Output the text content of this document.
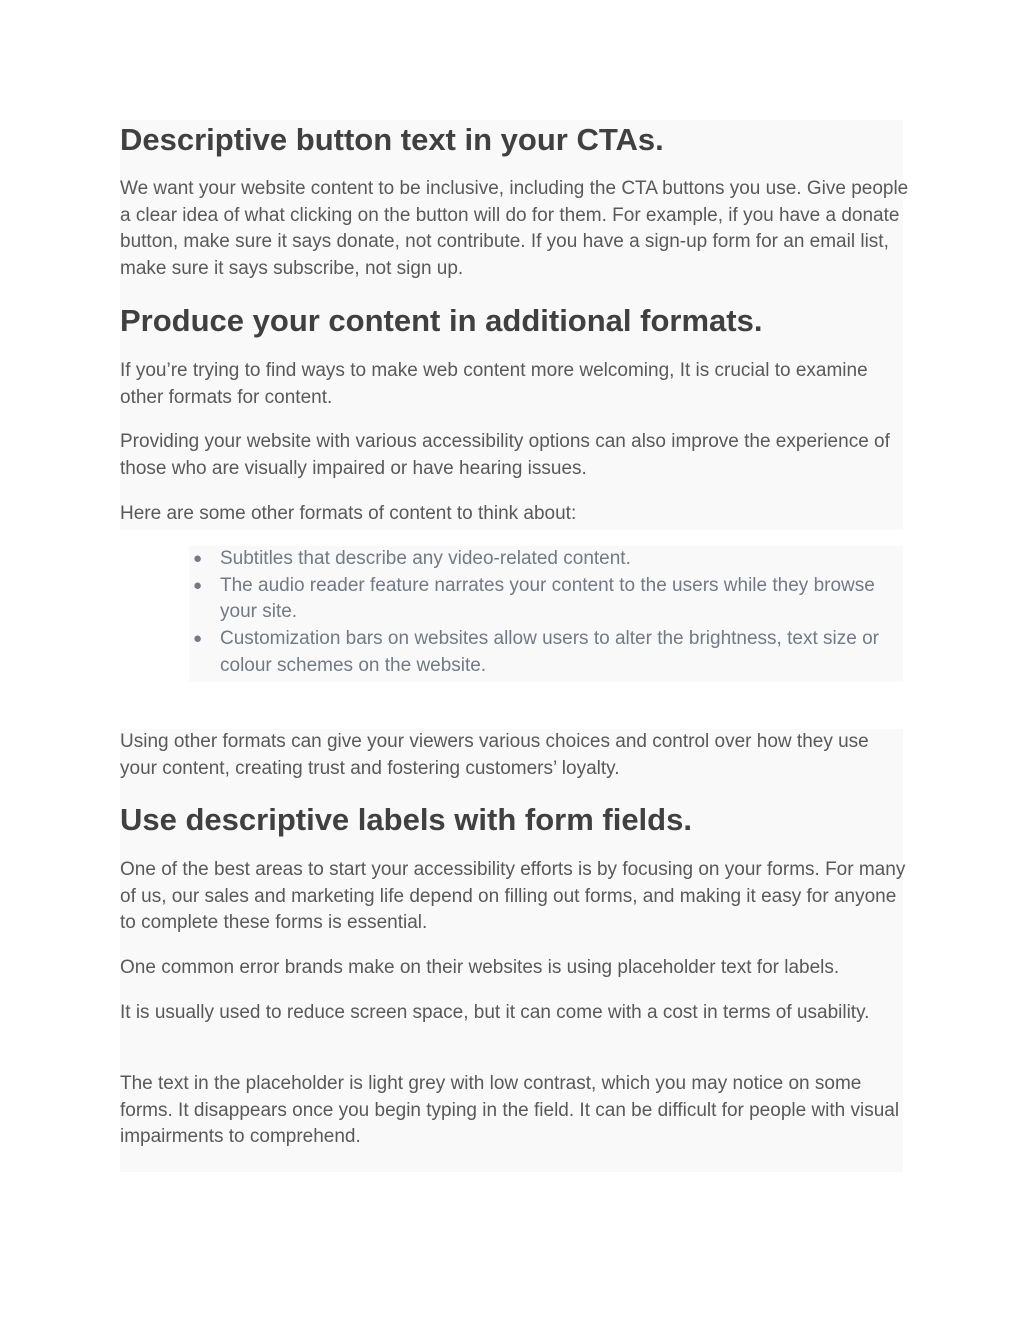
Descriptive button text in your CTAs.

We want your website content to be inclusive, including the CTA buttons you use. Give people a clear idea of what clicking on the button will do for them. For example, if you have a donate button, make sure it says donate, not contribute. If you have a sign-up form for an email list, make sure it says subscribe, not sign up.

Produce your content in additional formats.

If you’re trying to find ways to make web content more welcoming, It is crucial to examine other formats for content.

Providing your website with various accessibility options can also improve the experience of those who are visually impaired or have hearing issues.

Here are some other formats of content to think about:

● Subtitles that describe any video-related content.
● The audio reader feature narrates your content to the users while they browse your site.
● Customization bars on websites allow users to alter the brightness, text size or colour schemes on the website.

Using other formats can give your viewers various choices and control over how they use your content, creating trust and fostering customers’ loyalty.

Use descriptive labels with form fields.

One of the best areas to start your accessibility efforts is by focusing on your forms. For many of us, our sales and marketing life depend on filling out forms, and making it easy for anyone to complete these forms is essential.

One common error brands make on their websites is using placeholder text for labels.

It is usually used to reduce screen space, but it can come with a cost in terms of usability.

The text in the placeholder is light grey with low contrast, which you may notice on some forms. It disappears once you begin typing in the field. It can be difficult for people with visual impairments to comprehend.
